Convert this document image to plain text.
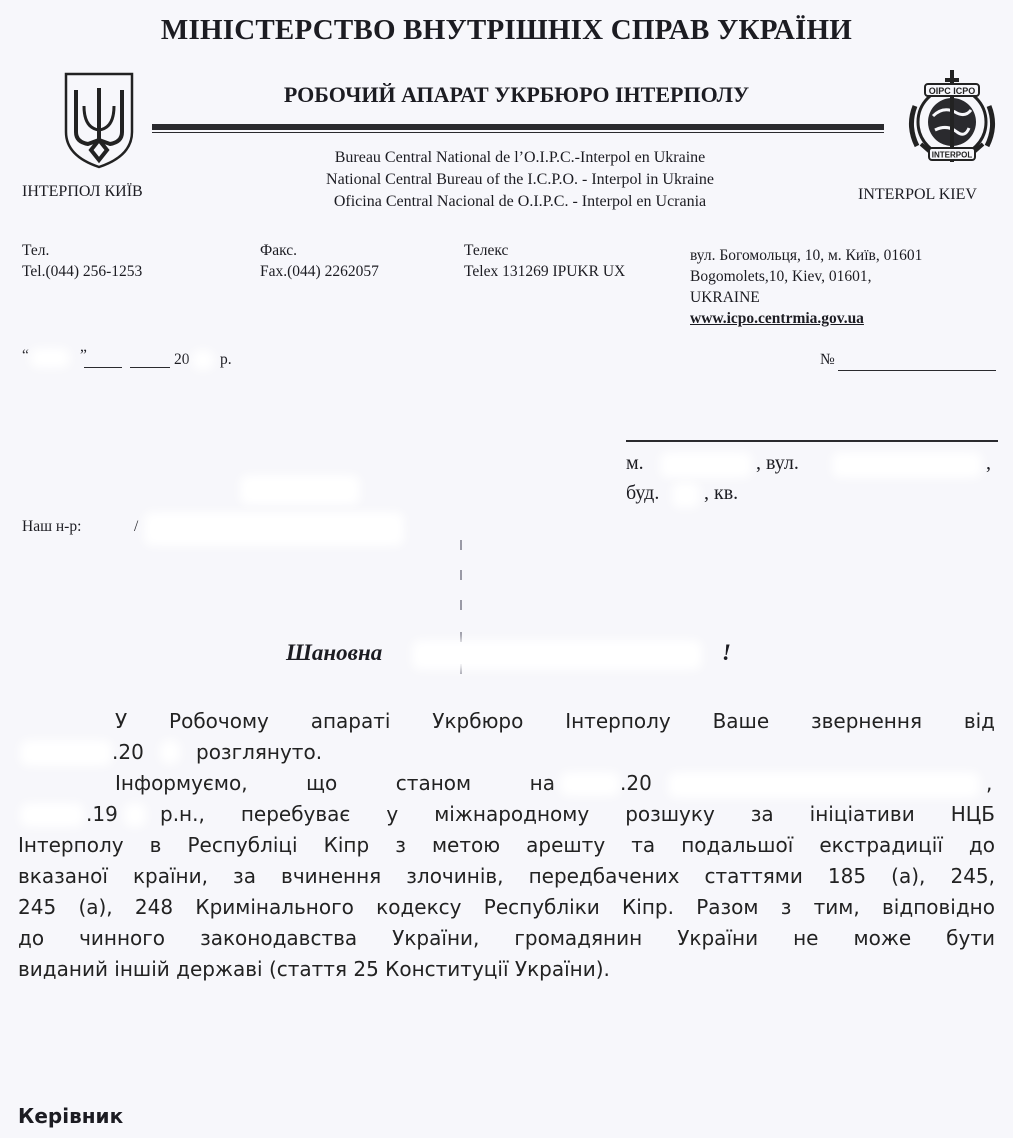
МІНІСТЕРСТВО ВНУТРІШНІХ СПРАВ УКРАЇНИ
РОБОЧИЙ АПАРАТ УКРБЮРО ІНТЕРПОЛУ	OIPC ICPO
INTERPOL
Bureau Central National de l’O.I.P.C.-Interpol en Ukraine
National Central Bureau of the I.C.P.O. - Interpol in Ukraine
Oficina Central Nacional de O.I.P.C. - Interpol en Ucrania
ІНТЕРПОЛ КИЇВ	INTERPOL KIEV
Тел.
Tel.(044) 256-1253
Факс.
Fax.(044) 2262057
Телекс
Telex 131269 IPUKR UX
вул. Богомольця, 10, м. Київ, 01601
Bogomolets,10, Kiev, 01601,
UKRAINE
www.icpo.centrmia.gov.ua
“	”	20 р.	№
м.	, вул.	,
буд. , кв.
Наш н-р:	/
Шановна	!
У Робочому апараті Укрбюро Інтерполу Ваше звернення від
.20	розглянуто.
Інформуємо, що станом на	.20	,
.19 р.н., перебуває у міжнародному розшуку за ініціативи НЦБ
Інтерполу в Республіці Кіпр з метою арешту та подальшої екстрадиції до
вказаної країни, за вчинення злочинів, передбачених статтями 185 (а), 245,
245 (а), 248 Кримінального кодексу Республіки Кіпр. Разом з тим, відповідно
до чинного законодавства України, громадянин України не може бути
виданий іншій державі (стаття 25 Конституції України).
Керівник
